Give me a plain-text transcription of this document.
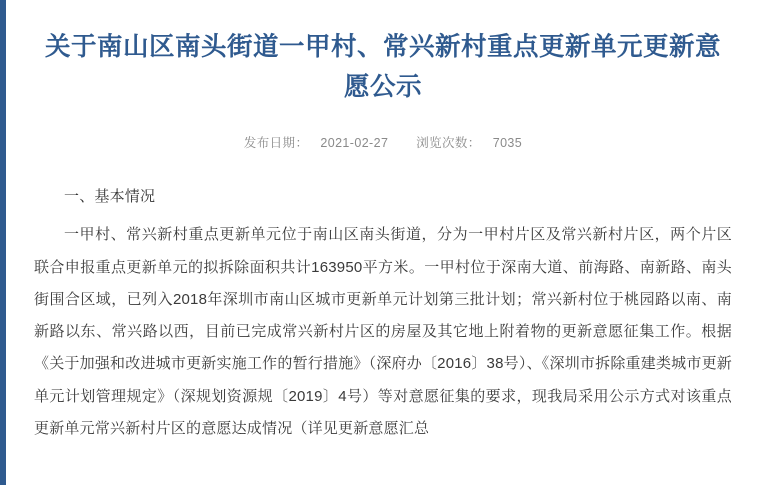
关于南山区南头街道一甲村、常兴新村重点更新单元更新意愿公示
发布日期： 2021-02-27 浏览次数： 7035

一、基本情况

一甲村、常兴新村重点更新单元位于南山区南头街道，分为一甲村片区及常兴新村片区，两个片区联合申报重点更新单元的拟拆除面积共计163950平方米。一甲村位于深南大道、前海路、南新路、南头街围合区域，已列入2018年深圳市南山区城市更新单元计划第三批计划；常兴新村位于桃园路以南、南新路以东、常兴路以西，目前已完成常兴新村片区的房屋及其它地上附着物的更新意愿征集工作。根据《关于加强和改进城市更新实施工作的暂行措施》（深府办〔2016〕38号）、《深圳市拆除重建类城市更新单元计划管理规定》（深规划资源规〔2019〕4号）等对意愿征集的要求，现我局采用公示方式对该重点更新单元常兴新村片区的意愿达成情况（详见更新意愿汇总
